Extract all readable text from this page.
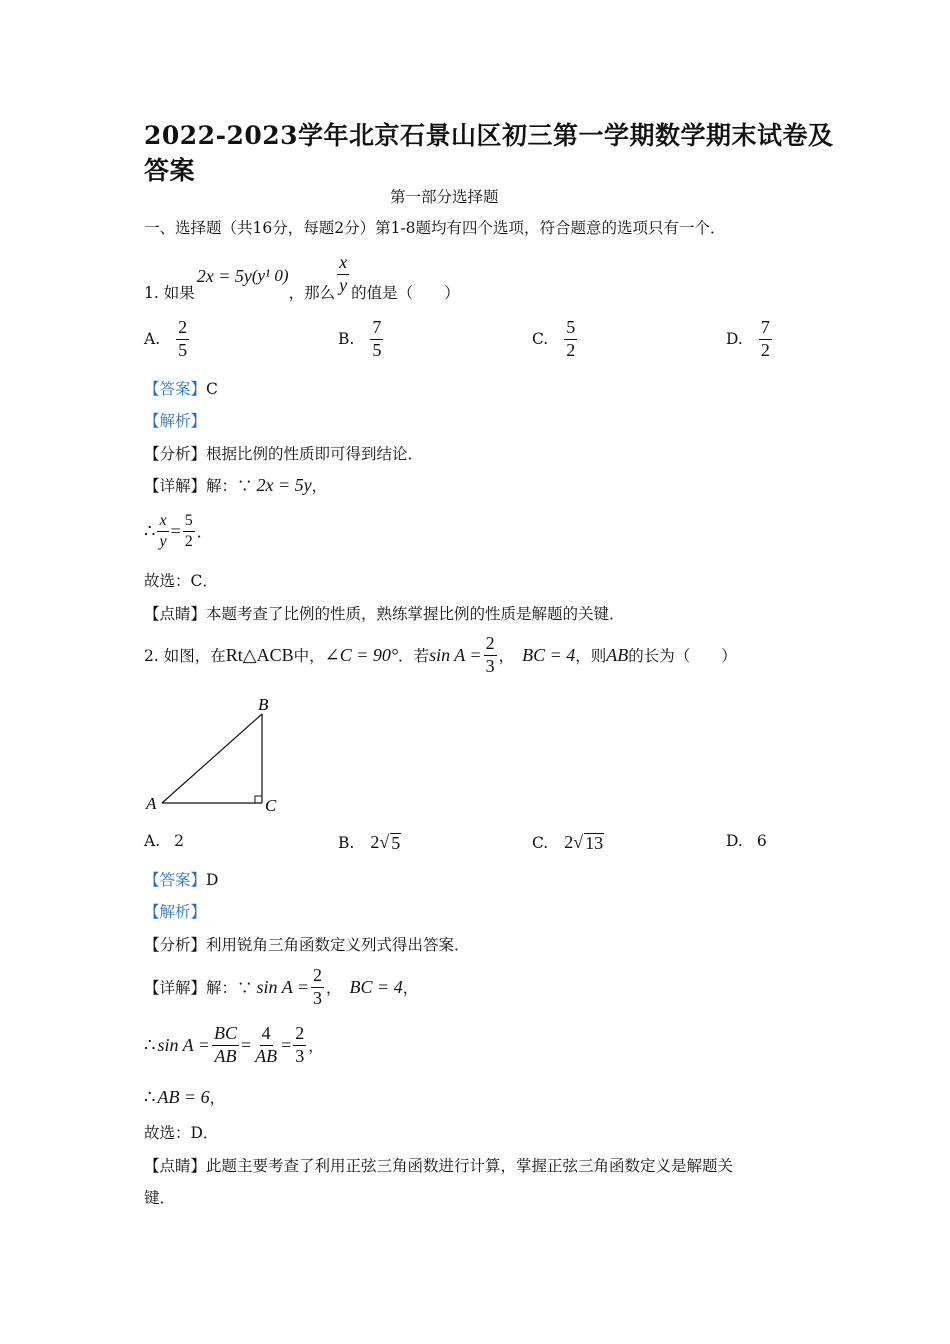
2022-2023学年北京石景山区初三第一学期数学期末试卷及
答案
第一部分选择题
一、选择题（共16分，每题2分）第1-8题均有四个选项，符合题意的选项只有一个．
1. 如果
2x = 5y (y¹ 0)
，那么 $\frac{x}{y}$ 的值是（　　）
A. $\frac{2}{5}$	B. $\frac{7}{5}$	C. $\frac{5}{2}$	D. $\frac{7}{2}$
【答案】C
【解析】
【分析】根据比例的性质即可得到结论．
【详解】 解：∵ 2x = 5y ，
∴ $\frac{x}{y} = \frac{5}{2}$ ．
故选：C．
【点睛】本题考查了比例的性质，熟练掌握比例的性质是解题的关键．
2. 如图，在 Rt△ACB 中， ∠C = 90° ．若 $\sin A = \frac{2}{3}$ ， BC = 4 ，则 AB 的长为（　　）
B
A	C
A. 2	B. 2 √ 5	C. 2 √ 13	D. 6
【答案】D
【解析】
【分析】利用锐角三角函数定义列式得出答案．
【详解】 解：∵ $\sin A = \frac{2}{3}$ ， BC = 4 ，
∴ $\sin A = \frac{BC}{AB} = \frac{4}{AB} = \frac{2}{3}$ ，
∴ AB = 6 ，
故选：D．
【点睛】此题主要考查了利用正弦三角函数进行计算，掌握正弦三角函数定义是解题关
键．
